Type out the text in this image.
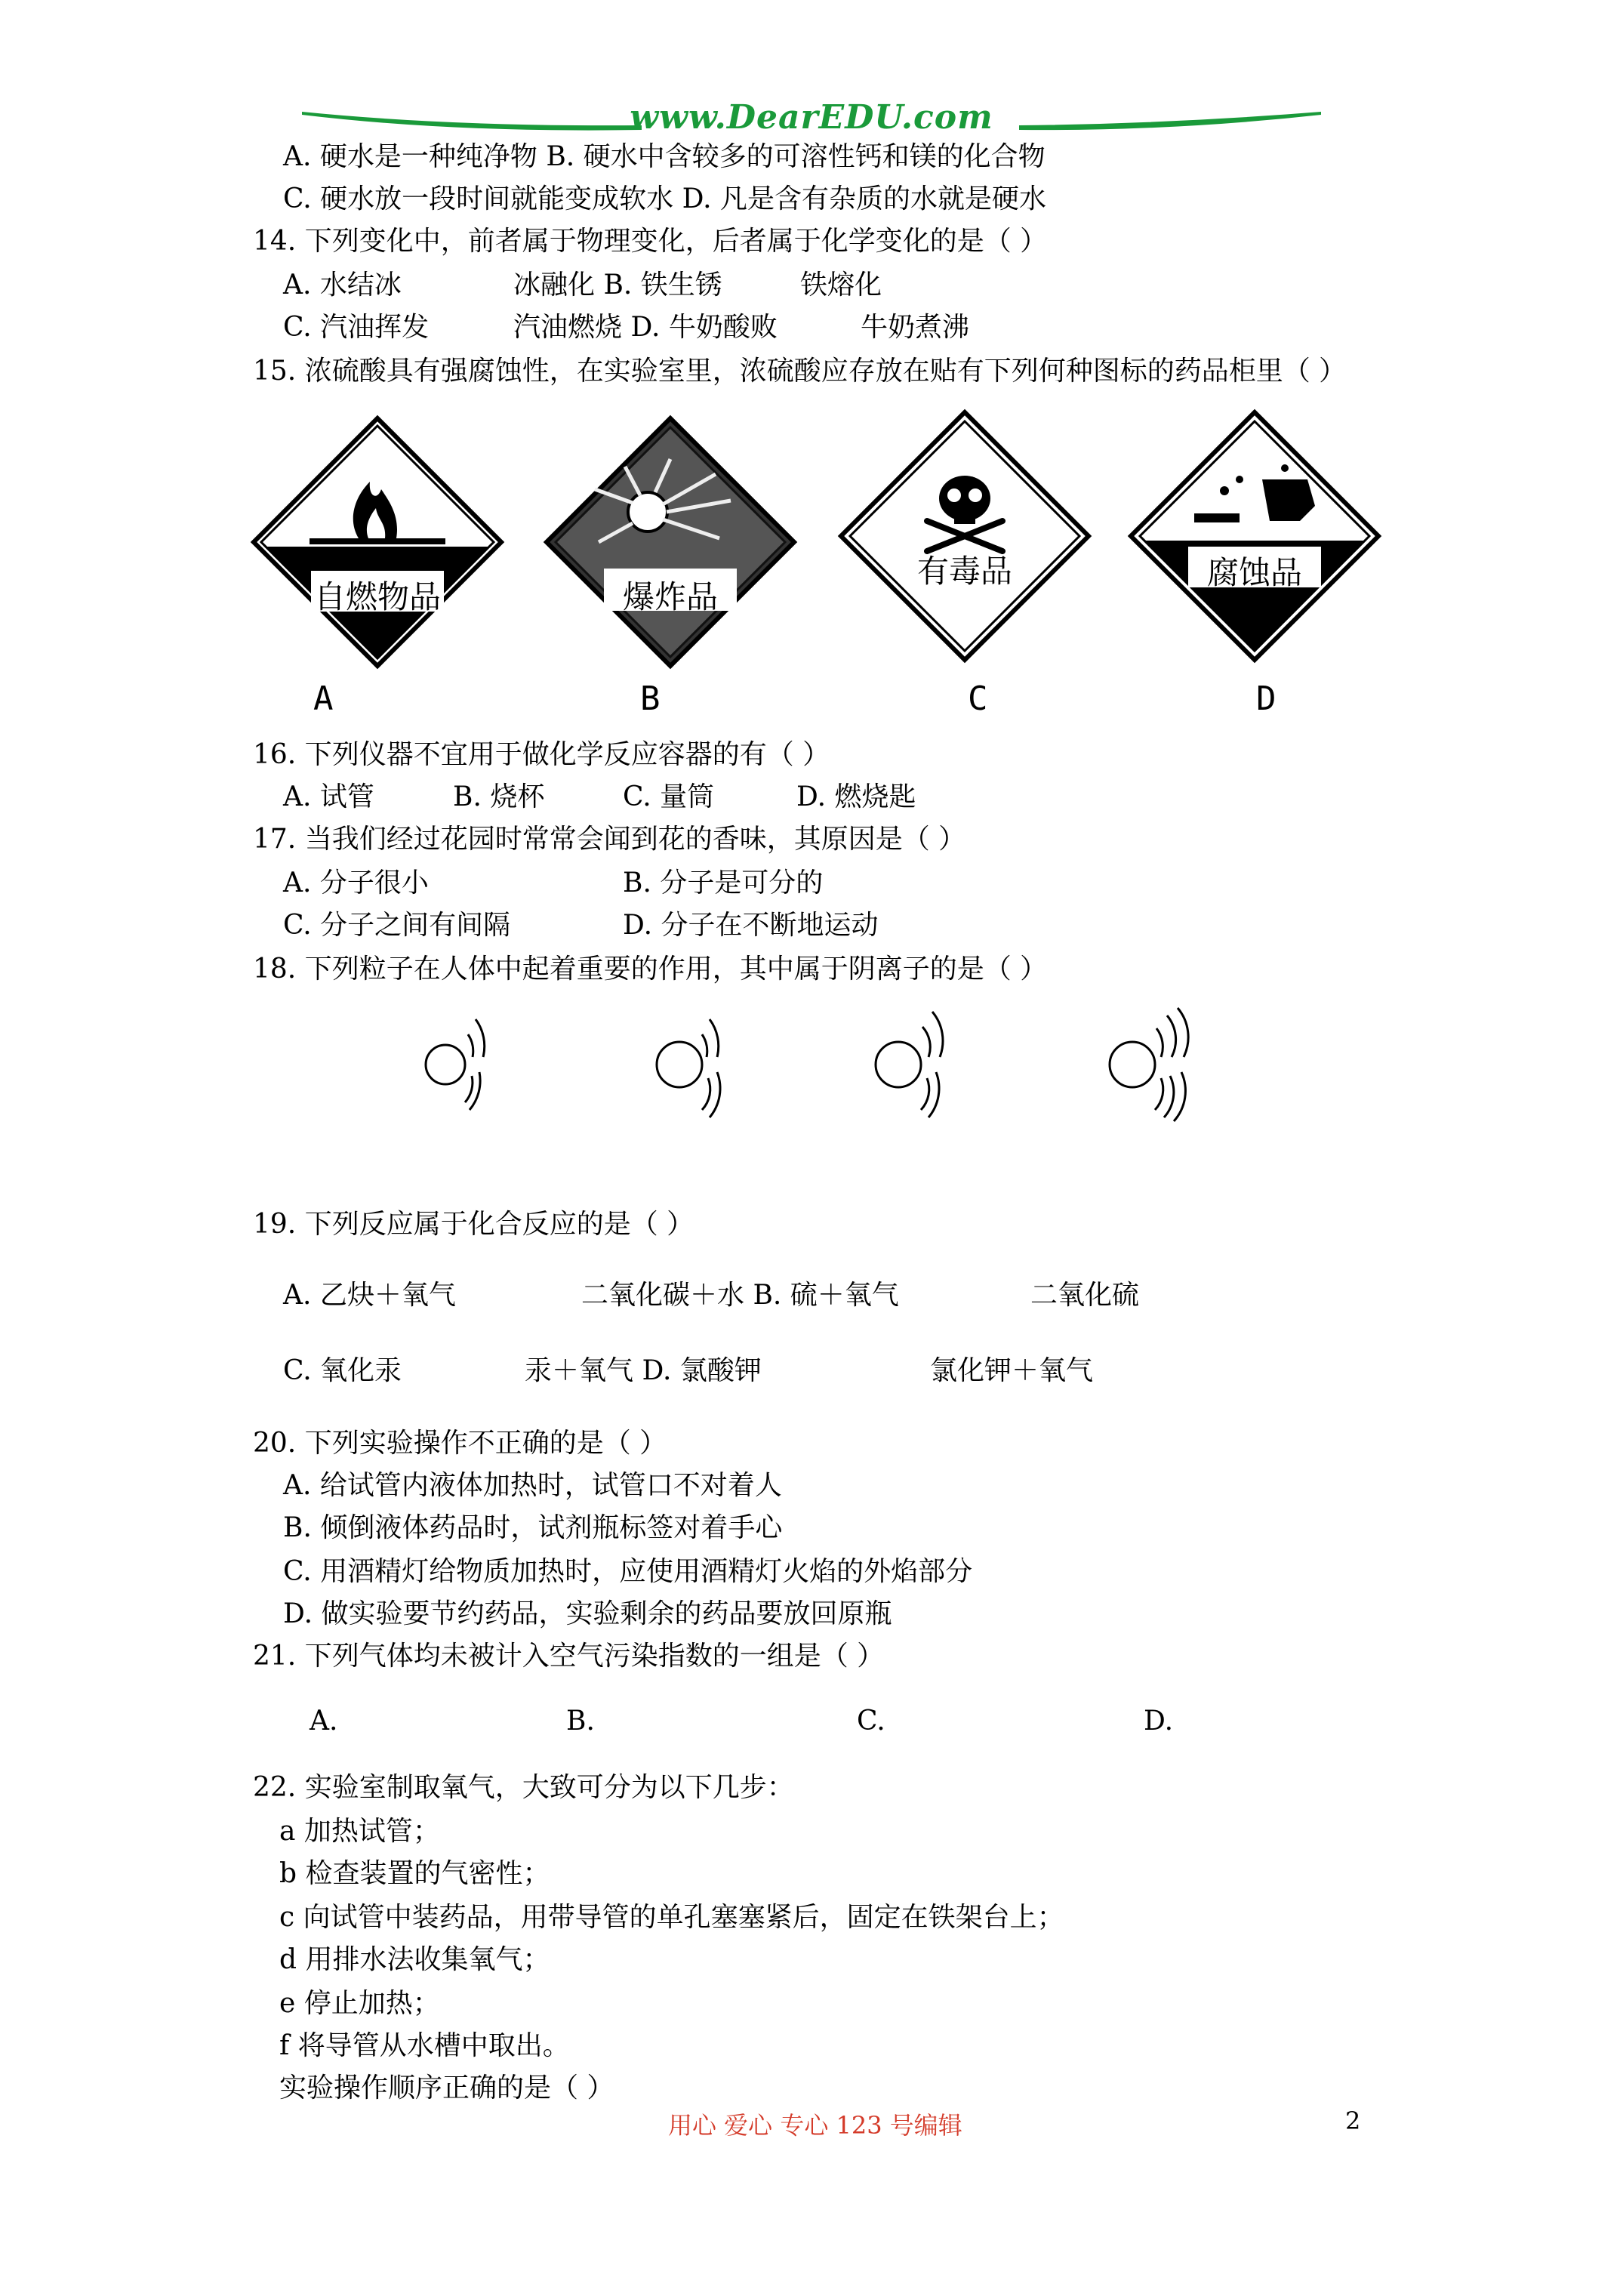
www.DearEDU.com
A. 硬水是一种纯净物 B. 硬水中含较多的可溶性钙和镁的化合物
C. 硬水放一段时间就能变成软水 D. 凡是含有杂质的水就是硬水
14. 下列变化中，前者属于物理变化，后者属于化学变化的是（ ）
A. 水结冰	冰融化 B. 铁生锈	铁熔化
C. 汽油挥发	汽油燃烧 D. 牛奶酸败	牛奶煮沸
15. 浓硫酸具有强腐蚀性，在实验室里，浓硫酸应存放在贴有下列何种图标的药品柜里（ ）
自燃物品
A
爆炸品
B
有毒品
C
腐蚀品
D
16. 下列仪器不宜用于做化学反应容器的有（ ）
A. 试管	B. 烧杯	C. 量筒	D. 燃烧匙
17. 当我们经过花园时常常会闻到花的香味，其原因是（ ）
A. 分子很小	B. 分子是可分的
C. 分子之间有间隔	D. 分子在不断地运动
18. 下列粒子在人体中起着重要的作用，其中属于阴离子的是（ ）
19. 下列反应属于化合反应的是（ ）
A. 乙炔＋氧气	二氧化碳＋水 B. 硫＋氧气	二氧化硫
C. 氧化汞	汞＋氧气 D. 氯酸钾	氯化钾＋氧气
20. 下列实验操作不正确的是（ ）
A. 给试管内液体加热时，试管口不对着人
B. 倾倒液体药品时，试剂瓶标签对着手心
C. 用酒精灯给物质加热时，应使用酒精灯火焰的外焰部分
D. 做实验要节约药品，实验剩余的药品要放回原瓶
21. 下列气体均未被计入空气污染指数的一组是（ ）
A.	B.	C.	D.
22. 实验室制取氧气，大致可分为以下几步：
a 加热试管；
b 检查装置的气密性；
c 向试管中装药品，用带导管的单孔塞塞紧后，固定在铁架台上；
d 用排水法收集氧气；
e 停止加热；
f 将导管从水槽中取出。
实验操作顺序正确的是（ ）
用心 爱心 专心 123 号编辑	2
